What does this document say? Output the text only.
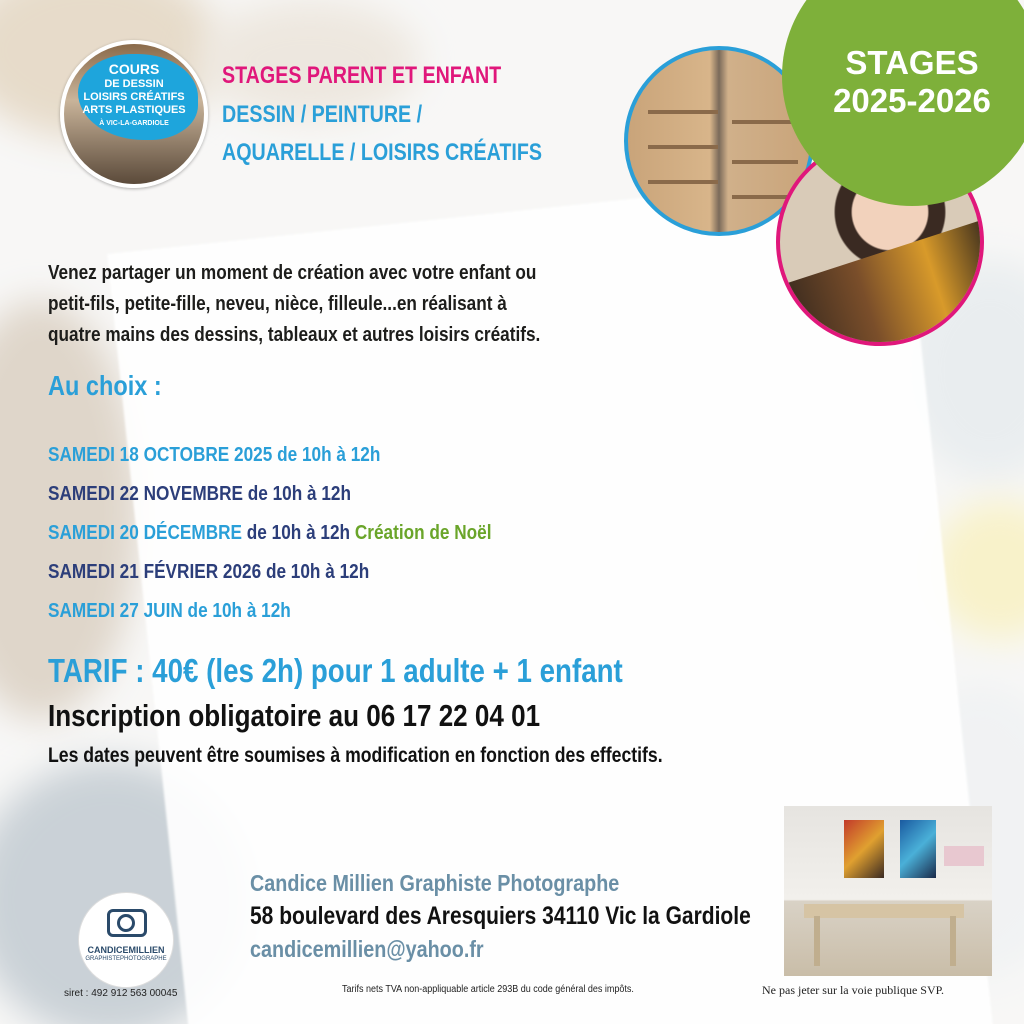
COURS
DE DESSIN
LOISIRS CRÉATIFS
ARTS PLASTIQUES
À VIC-LA-GARDIOLE
STAGES PARENT ET ENFANT
DESSIN / PEINTURE /
AQUARELLE / LOISIRS CRÉATIFS
STAGES
2025-2026
Venez partager un moment de création avec votre enfant ou
petit-fils, petite-fille, neveu, nièce, filleule...en réalisant à
quatre mains des dessins, tableaux et autres loisirs créatifs.
Au choix :
SAMEDI 18 OCTOBRE 2025 de 10h à 12h
SAMEDI 22 NOVEMBRE de 10h à 12h
SAMEDI 20 DÉCEMBRE de 10h à 12h Création de Noël
SAMEDI 21 FÉVRIER 2026 de 10h à 12h
SAMEDI 27 JUIN de 10h à 12h
TARIF : 40€ (les 2h) pour 1 adulte + 1 enfant
Inscription obligatoire au 06 17 22 04 01
Les dates peuvent être soumises à modification en fonction des effectifs.
Candice Millien Graphiste Photographe
58 boulevard des Aresquiers 34110 Vic la Gardiole
candicemillien@yahoo.fr
CANDICEMILLIEN
GRAPHISTEPHOTOGRAPHE
siret : 492 912 563 00045	Tarifs nets TVA non-appliquable article 293B du code général des impôts.	Ne pas jeter sur la voie publique SVP.
